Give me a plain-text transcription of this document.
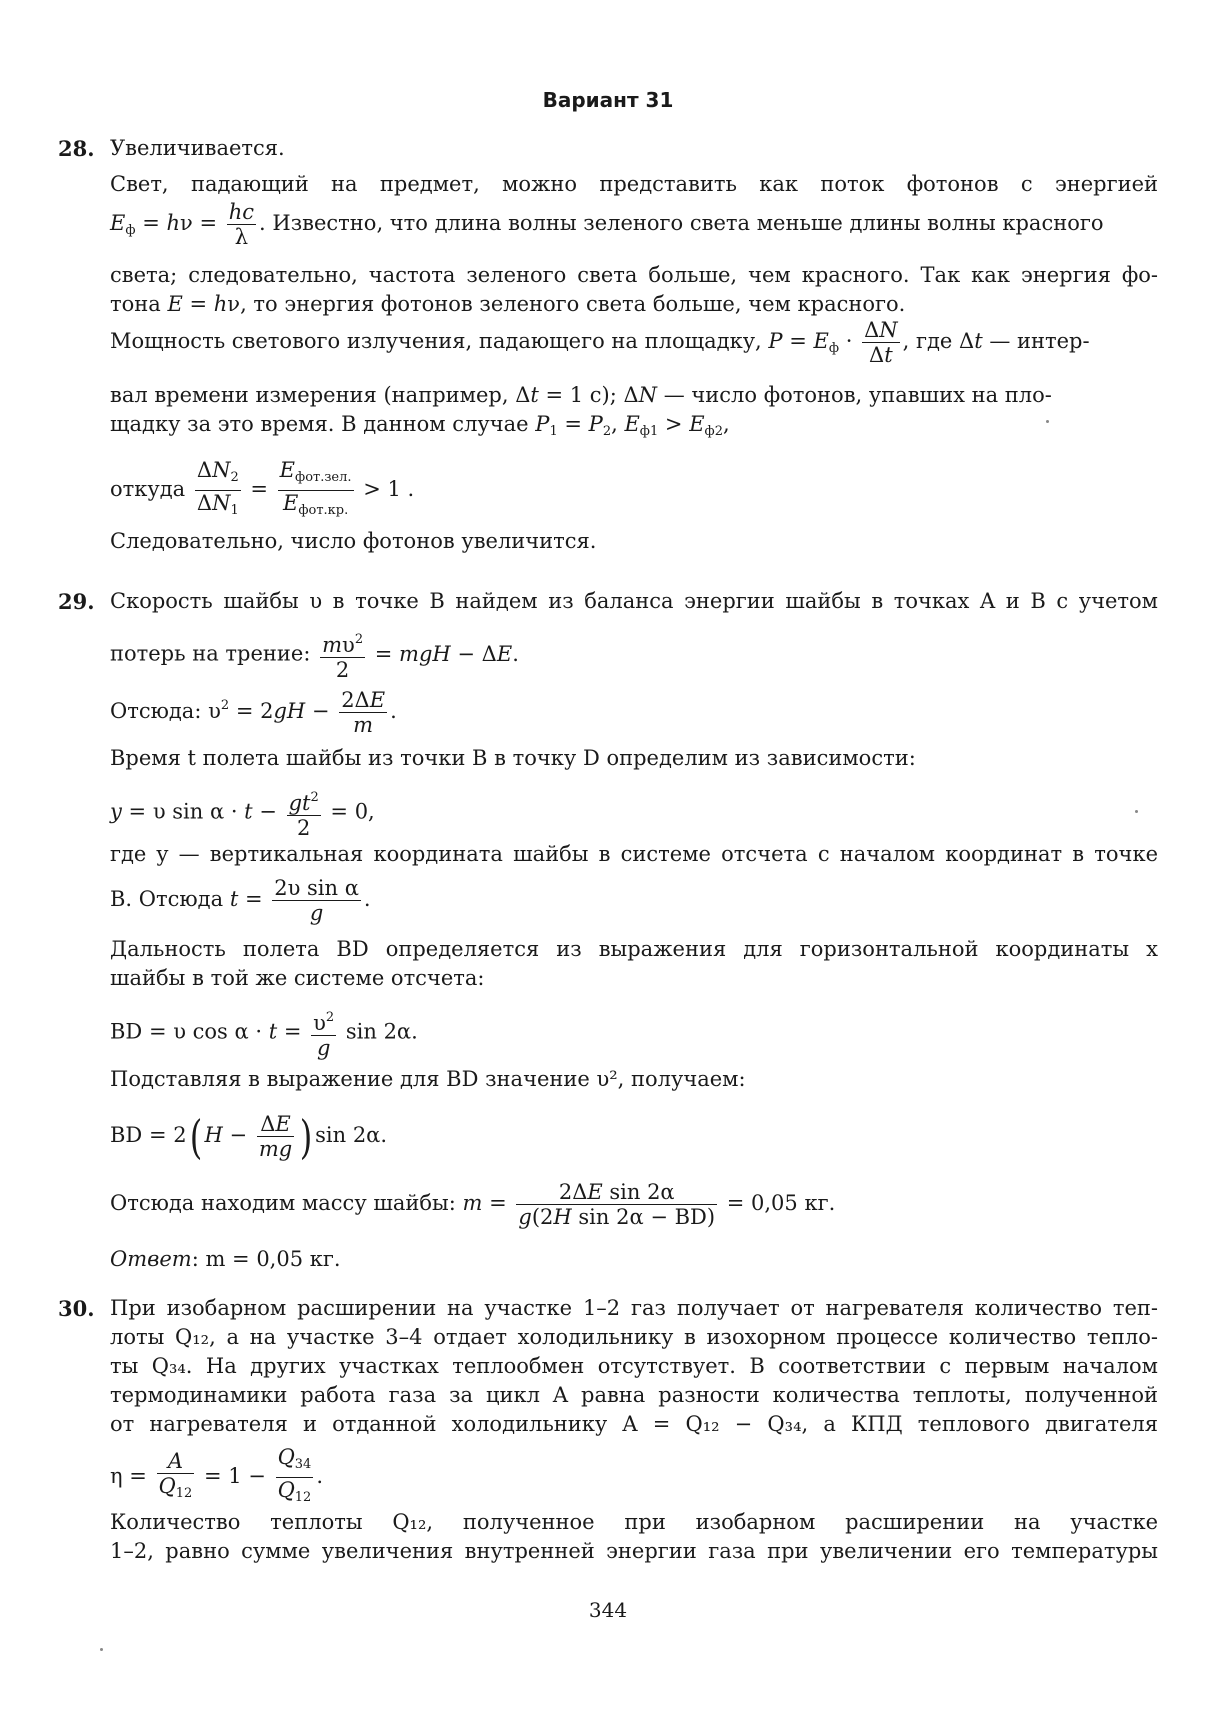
Вариант 31
28. Увеличивается.
Свет, падающий на предмет, можно представить как поток фотонов с энергией
$E_ф = h\nu = \frac{hc}{\lambda}$ . Известно, что длина волны зеленого света меньше длины волны красного
света; следовательно, частота зеленого света больше, чем красного. Так как энергия фо-
тона E = hν, то энергия фотонов зеленого света больше, чем красного.
Мощность светового излучения, падающего на площадку, $P = E_ф \cdot \frac{\Delta N}{\Delta t}$ , где Δt — интер-
вал времени измерения (например, Δt = 1 с); ΔN — число фотонов, упавших на пло-
щадку за это время. В данном случае $P_1 = P_2$, $E_{ф1} > E_{ф2}$,
откуда $\frac{\Delta N_2}{\Delta N_1}$ =
$E_{фот.зел.}$
$E_{фот.кр.}$
> 1 .
Следовательно, число фотонов увеличится.
29. Скорость шайбы υ в точке B найдем из баланса энергии шайбы в точках A и B с учетом
потерь на трение: $\frac{m\upsilon^2}{2}$ = mgH − ΔE.
Отсюда: $\upsilon^2 = 2gH - \frac{2\Delta E}{m}$ .
Время t полета шайбы из точки B в точку D определим из зависимости:
y = υ $\sin \alpha \cdot t - \frac{gt^2}{2} = 0$,
где y — вертикальная координата шайбы в системе отсчета с началом координат в точке
B. Отсюда $t = \frac{\text{2υ sin α}}{g}$ .
Дальность полета BD определяется из выражения для горизонтальной координаты x
шайбы в той же системе отсчета:
BD = υ $\cos \alpha \cdot t = \frac{\upsilon^2}{g}$ sin 2α.
Подставляя в выражение для BD значение υ², получаем:
BD = 2( $H - \frac{\Delta E}{mg}$ ) sin 2α.
Отсюда находим массу шайбы: $m = \frac{\text{2ΔE sin 2α}}{\text{g(2H sin 2α − BD)}} = 0,05$ кг.
Ответ: m = 0,05 кг.
30. При изобарном расширении на участке 1–2 газ получает от нагревателя количество теп-
лоты Q₁₂, а на участке 3–4 отдает холодильнику в изохорном процессе количество тепло-
ты Q₃₄. На других участках теплообмен отсутствует. В соответствии с первым началом
термодинамики работа газа за цикл A равна разности количества теплоты, полученной
от нагревателя и отданной холодильнику A = Q₁₂ − Q₃₄, а КПД теплового двигателя
$\eta = \frac{A}{Q_{12}} = 1 - \frac{Q_{34}}{Q_{12}}$ .
Количество теплоты Q₁₂, полученное при изобарном расширении на участке
1–2, равно сумме увеличения внутренней энергии газа при увеличении его температуры
344
